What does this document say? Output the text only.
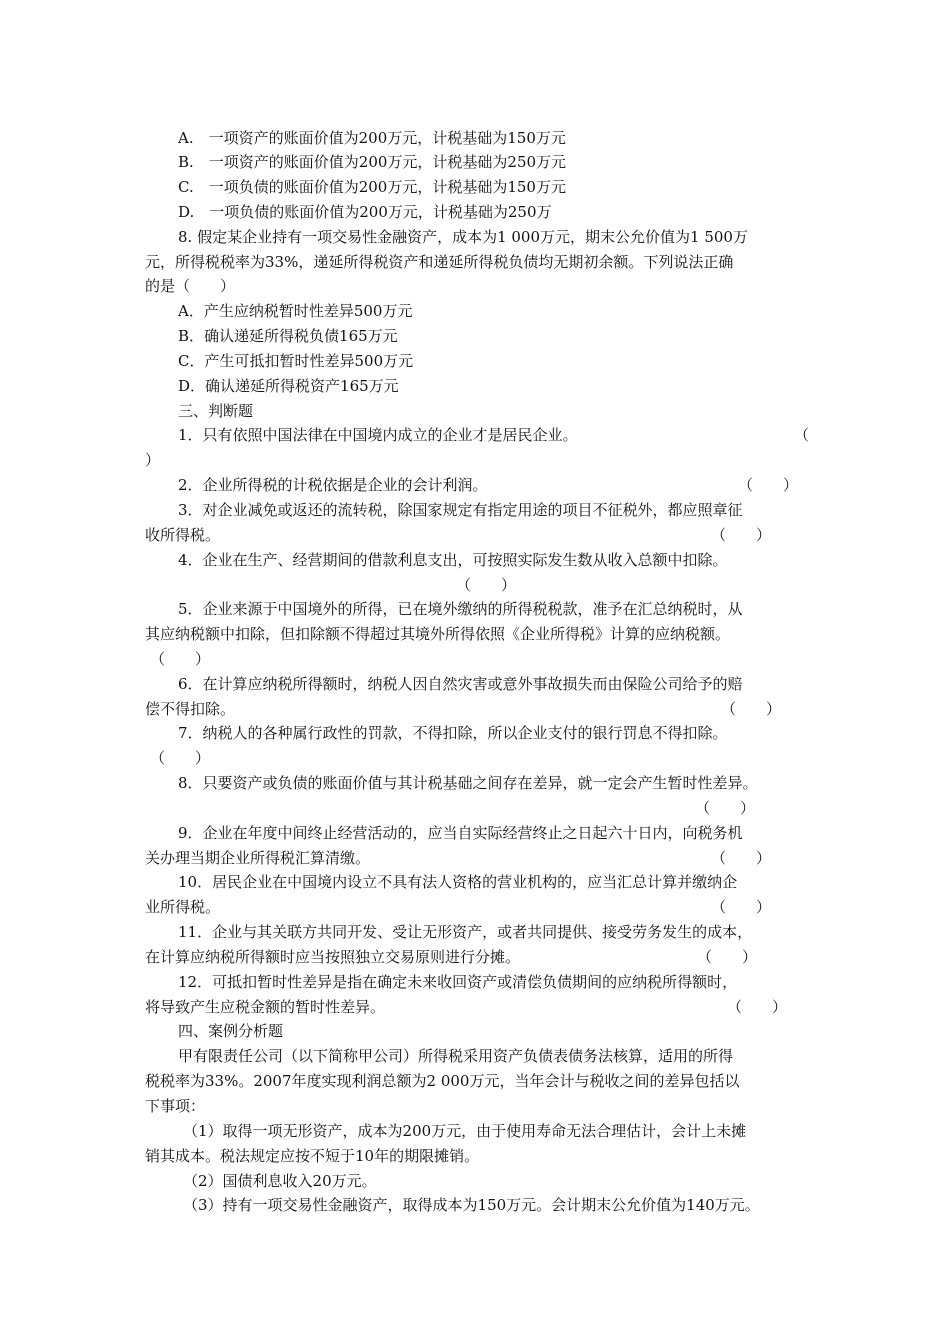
A.　一项资产的账面价值为200万元，计税基础为150万元
B.　一项资产的账面价值为200万元，计税基础为250万元
C.　一项负债的账面价值为200万元，计税基础为150万元
D.　一项负债的账面价值为200万元，计税基础为250万
8. 假定某企业持有一项交易性金融资产，成本为1 000万元，期末公允价值为1 500万
元，所得税税率为33%，递延所得税资产和递延所得税负债均无期初余额。下列说法正确
的是（　　）
A．产生应纳税暂时性差异500万元
B．确认递延所得税负债165万元
C．产生可抵扣暂时性差异500万元
D．确认递延所得税资产165万元
三、判断题
1．只有依照中国法律在中国境内成立的企业才是居民企业。	（
）
2．企业所得税的计税依据是企业的会计利润。	（　　）
3．对企业减免或返还的流转税，除国家规定有指定用途的项目不征税外，都应照章征
收所得税。	（　　）
4．企业在生产、经营期间的借款利息支出，可按照实际发生数从收入总额中扣除。
（　　）
5．企业来源于中国境外的所得，已在境外缴纳的所得税税款，准予在汇总纳税时，从
其应纳税额中扣除，但扣除额不得超过其境外所得依照《企业所得税》计算的应纳税额。
（　　）
6．在计算应纳税所得额时，纳税人因自然灾害或意外事故损失而由保险公司给予的赔
偿不得扣除。	（　　）
7．纳税人的各种属行政性的罚款，不得扣除，所以企业支付的银行罚息不得扣除。
（　　）
8．只要资产或负债的账面价值与其计税基础之间存在差异，就一定会产生暂时性差异。
（　　）
9．企业在年度中间终止经营活动的，应当自实际经营终止之日起六十日内，向税务机
关办理当期企业所得税汇算清缴。	（　　）
10．居民企业在中国境内设立不具有法人资格的营业机构的，应当汇总计算并缴纳企
业所得税。	（　　）
11．企业与其关联方共同开发、受让无形资产，或者共同提供、接受劳务发生的成本，
在计算应纳税所得额时应当按照独立交易原则进行分摊。	（　　）
12．可抵扣暂时性差异是指在确定未来收回资产或清偿负债期间的应纳税所得额时，
将导致产生应税金额的暂时性差异。	（　　）
四、案例分析题
甲有限责任公司（以下简称甲公司）所得税采用资产负债表债务法核算，适用的所得
税税率为33%。2007年度实现利润总额为2 000万元，当年会计与税收之间的差异包括以
下事项：
（1）取得一项无形资产，成本为200万元，由于使用寿命无法合理估计，会计上未摊
销其成本。税法规定应按不短于10年的期限摊销。
（2）国债利息收入20万元。
（3）持有一项交易性金融资产，取得成本为150万元。会计期末公允价值为140万元。
